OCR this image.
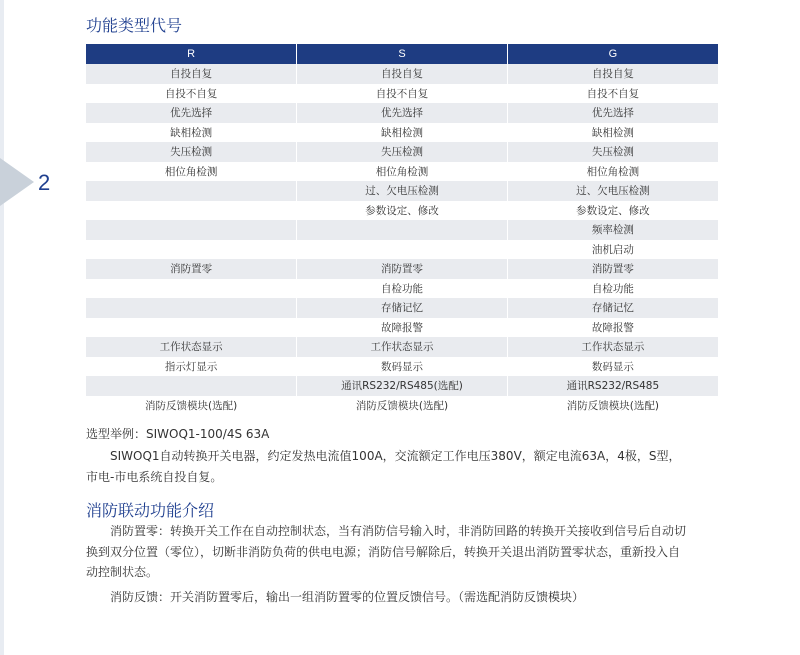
2
功能类型代号
R	S	G
自投自复	自投自复	自投自复
自投不自复	自投不自复	自投不自复
优先选择	优先选择	优先选择
缺相检测	缺相检测	缺相检测
失压检测	失压检测	失压检测
相位角检测	相位角检测	相位角检测
	过、欠电压检测	过、欠电压检测
	参数设定、修改	参数设定、修改
		频率检测
		油机启动
消防置零	消防置零	消防置零
	自检功能	自检功能
	存储记忆	存储记忆
	故障报警	故障报警
工作状态显示	工作状态显示	工作状态显示
指示灯显示	数码显示	数码显示
	通讯RS232/RS485(选配)	通讯RS232/RS485
消防反馈模块(选配)	消防反馈模块(选配)	消防反馈模块(选配)
选型举例：SIWOQ1-100/4S 63A
　　SIWOQ1自动转换开关电器，约定发热电流值100A，交流额定工作电压380V，额定电流63A，4极，S型，
市电-市电系统自投自复。
消防联动功能介绍
　　消防置零：转换开关工作在自动控制状态，当有消防信号输入时，非消防回路的转换开关接收到信号后自动切
换到双分位置（零位），切断非消防负荷的供电电源；消防信号解除后，转换开关退出消防置零状态，重新投入自
动控制状态。
　　消防反馈：开关消防置零后，输出一组消防置零的位置反馈信号。（需选配消防反馈模块）
